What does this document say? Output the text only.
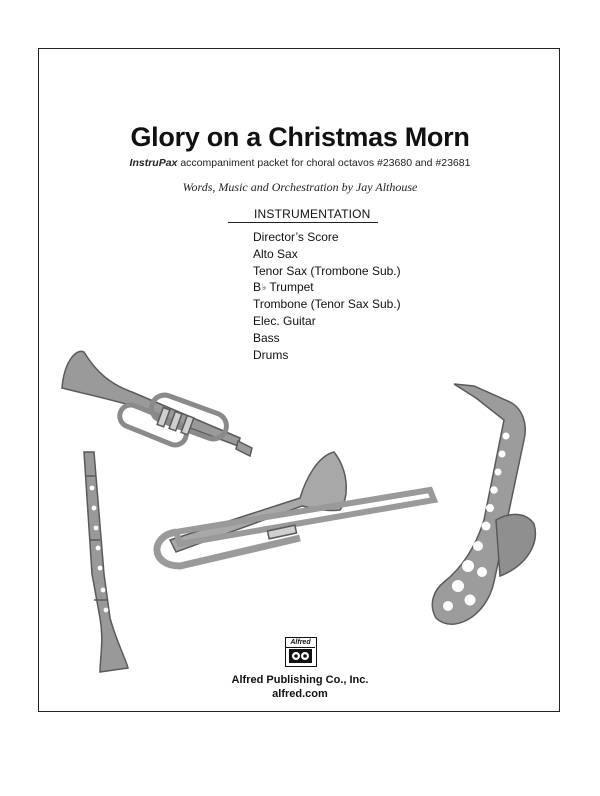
Glory on a Christmas Morn
InstruPax accompaniment packet for choral octavos #23680 and #23681
Words, Music and Orchestration by Jay Althouse
INSTRUMENTATION
Director’s Score
Alto Sax
Tenor Sax (Trombone Sub.)
B♭ Trumpet
Trombone (Tenor Sax Sub.)
Elec. Guitar
Bass
Drums
Alfred
Alfred Publishing Co., Inc.
alfred.com
